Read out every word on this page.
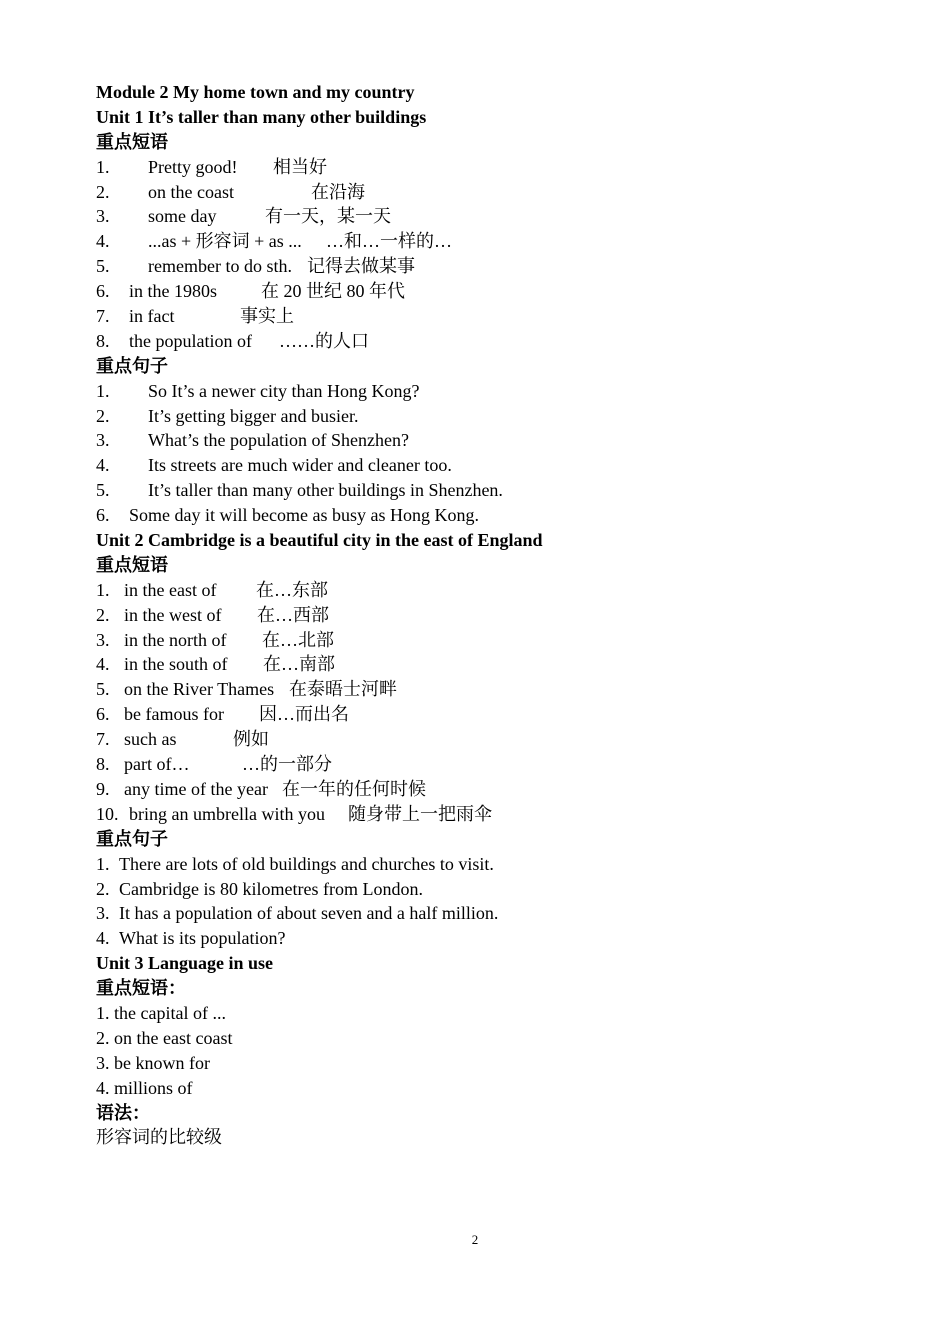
Module 2 My home town and my country
Unit 1 It’s taller than many other buildings
重点短语
1. Pretty good! 相当好
2. on the coast	在沿海
3. some day	有一天，某一天
4. ...as + 形容词 + as ... …和…一样的…
5. remember to do sth. 记得去做某事
6. in the 1980s 在 20 世纪 80 年代
7. in fact	事实上
8. the population of ……的人口
重点句子
1. So It’s a newer city than Hong Kong?
2. It’s getting bigger and busier.
3. What’s the population of Shenzhen?
4. Its streets are much wider and cleaner too.
5. It’s taller than many other buildings in Shenzhen.
6. Some day it will become as busy as Hong Kong.
Unit 2 Cambridge is a beautiful city in the east of England
重点短语
1. in the east of 在…东部
2. in the west of 在…西部
3. in the north of 在…北部
4. in the south of 在…南部
5. on the River Thames 在泰晤士河畔
6. be famous for 因…而出名
7. such as	例如
8. part of…	…的一部分
9. any time of the year 在一年的任何时候
10. bring an umbrella with you 随身带上一把雨伞
重点句子
1. There are lots of old buildings and churches to visit.
2. Cambridge is 80 kilometres from London.
3. It has a population of about seven and a half million.
4. What is its population?
Unit 3 Language in use
重点短语：
1. the capital of ...
2. on the east coast
3. be known for
4. millions of
语法：
形容词的比较级
2
